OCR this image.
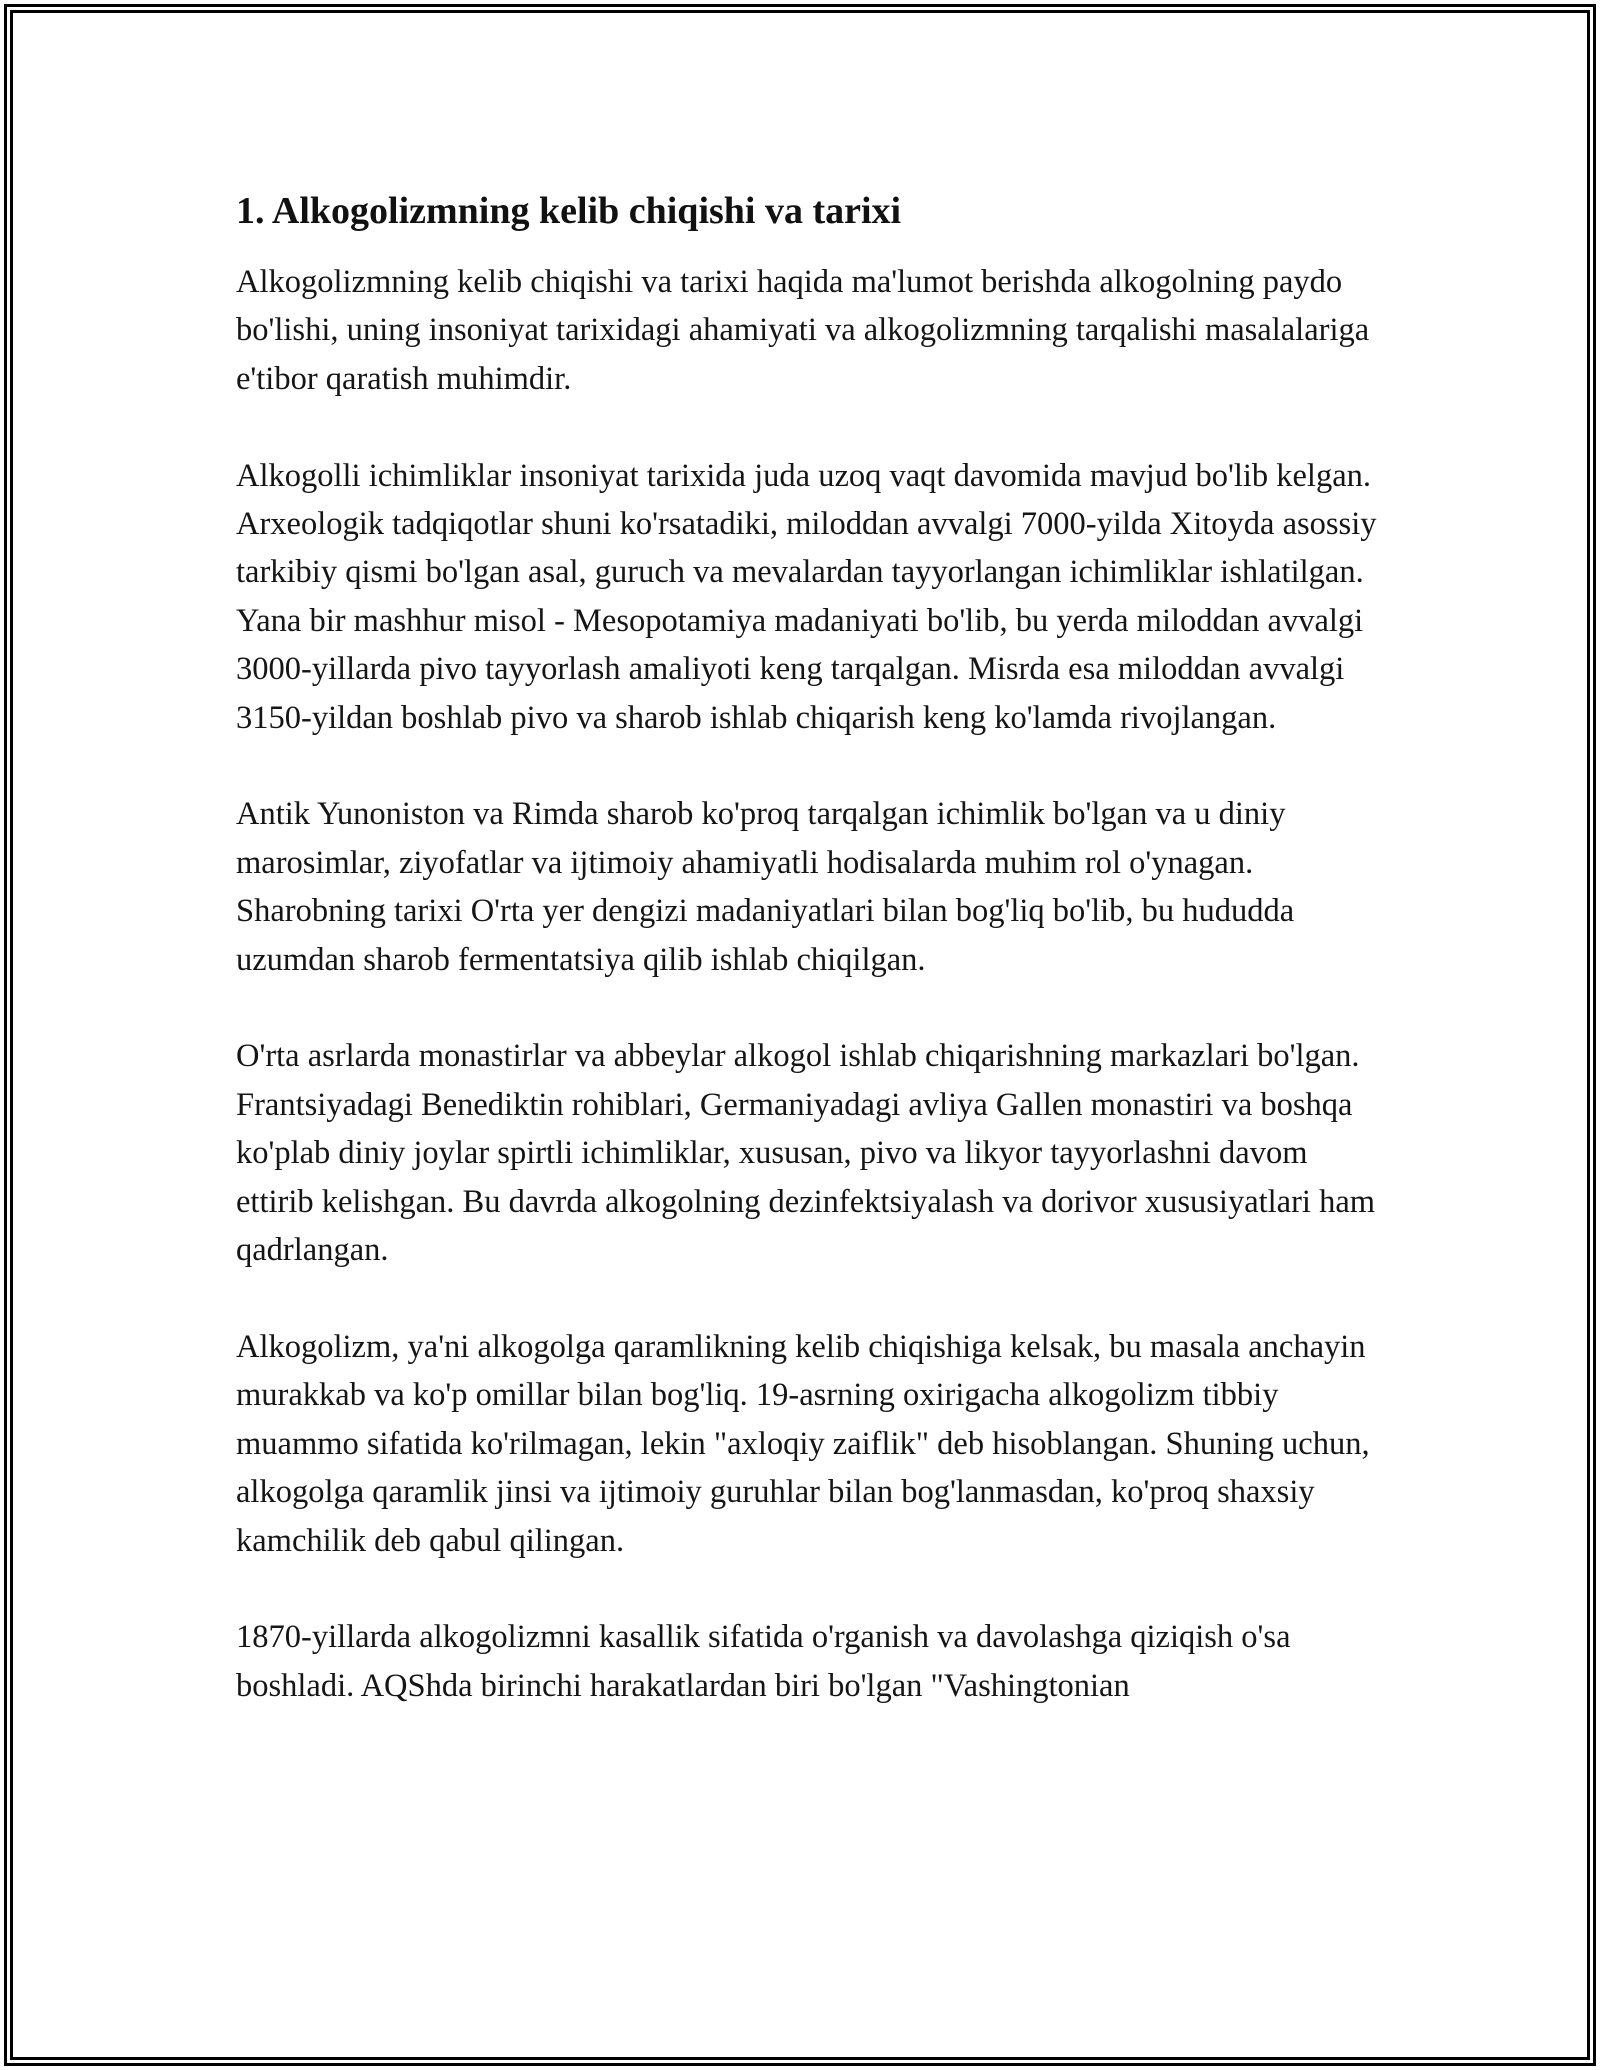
1. Alkogolizmning kelib chiqishi va tarixi

Alkogolizmning kelib chiqishi va tarixi haqida ma'lumot berishda alkogolning paydo bo'lishi, uning insoniyat tarixidagi ahamiyati va alkogolizmning tarqalishi masalalariga e'tibor qaratish muhimdir.

Alkogolli ichimliklar insoniyat tarixida juda uzoq vaqt davomida mavjud bo'lib kelgan. Arxeologik tadqiqotlar shuni ko'rsatadiki, miloddan avvalgi 7000-yilda Xitoyda asossiy tarkibiy qismi bo'lgan asal, guruch va mevalardan tayyorlangan ichimliklar ishlatilgan. Yana bir mashhur misol - Mesopotamiya madaniyati bo'lib, bu yerda miloddan avvalgi 3000-yillarda pivo tayyorlash amaliyoti keng tarqalgan. Misrda esa miloddan avvalgi 3150-yildan boshlab pivo va sharob ishlab chiqarish keng ko'lamda rivojlangan.

Antik Yunoniston va Rimda sharob ko'proq tarqalgan ichimlik bo'lgan va u diniy marosimlar, ziyofatlar va ijtimoiy ahamiyatli hodisalarda muhim rol o'ynagan. Sharobning tarixi O'rta yer dengizi madaniyatlari bilan bog'liq bo'lib, bu hududda uzumdan sharob fermentatsiya qilib ishlab chiqilgan.

O'rta asrlarda monastirlar va abbeylar alkogol ishlab chiqarishning markazlari bo'lgan. Frantsiyadagi Benediktin rohiblari, Germaniyadagi avliya Gallen monastiri va boshqa ko'plab diniy joylar spirtli ichimliklar, xususan, pivo va likyor tayyorlashni davom ettirib kelishgan. Bu davrda alkogolning dezinfektsiyalash va dorivor xususiyatlari ham qadrlangan.

Alkogolizm, ya'ni alkogolga qaramlikning kelib chiqishiga kelsak, bu masala anchayin murakkab va ko'p omillar bilan bog'liq. 19-asrning oxirigacha alkogolizm tibbiy muammo sifatida ko'rilmagan, lekin "axloqiy zaiflik" deb hisoblangan. Shuning uchun, alkogolga qaramlik jinsi va ijtimoiy guruhlar bilan bog'lanmasdan, ko'proq shaxsiy kamchilik deb qabul qilingan.

1870-yillarda alkogolizmni kasallik sifatida o'rganish va davolashga qiziqish o'sa boshladi. AQShda birinchi harakatlardan biri bo'lgan "Vashingtonian
